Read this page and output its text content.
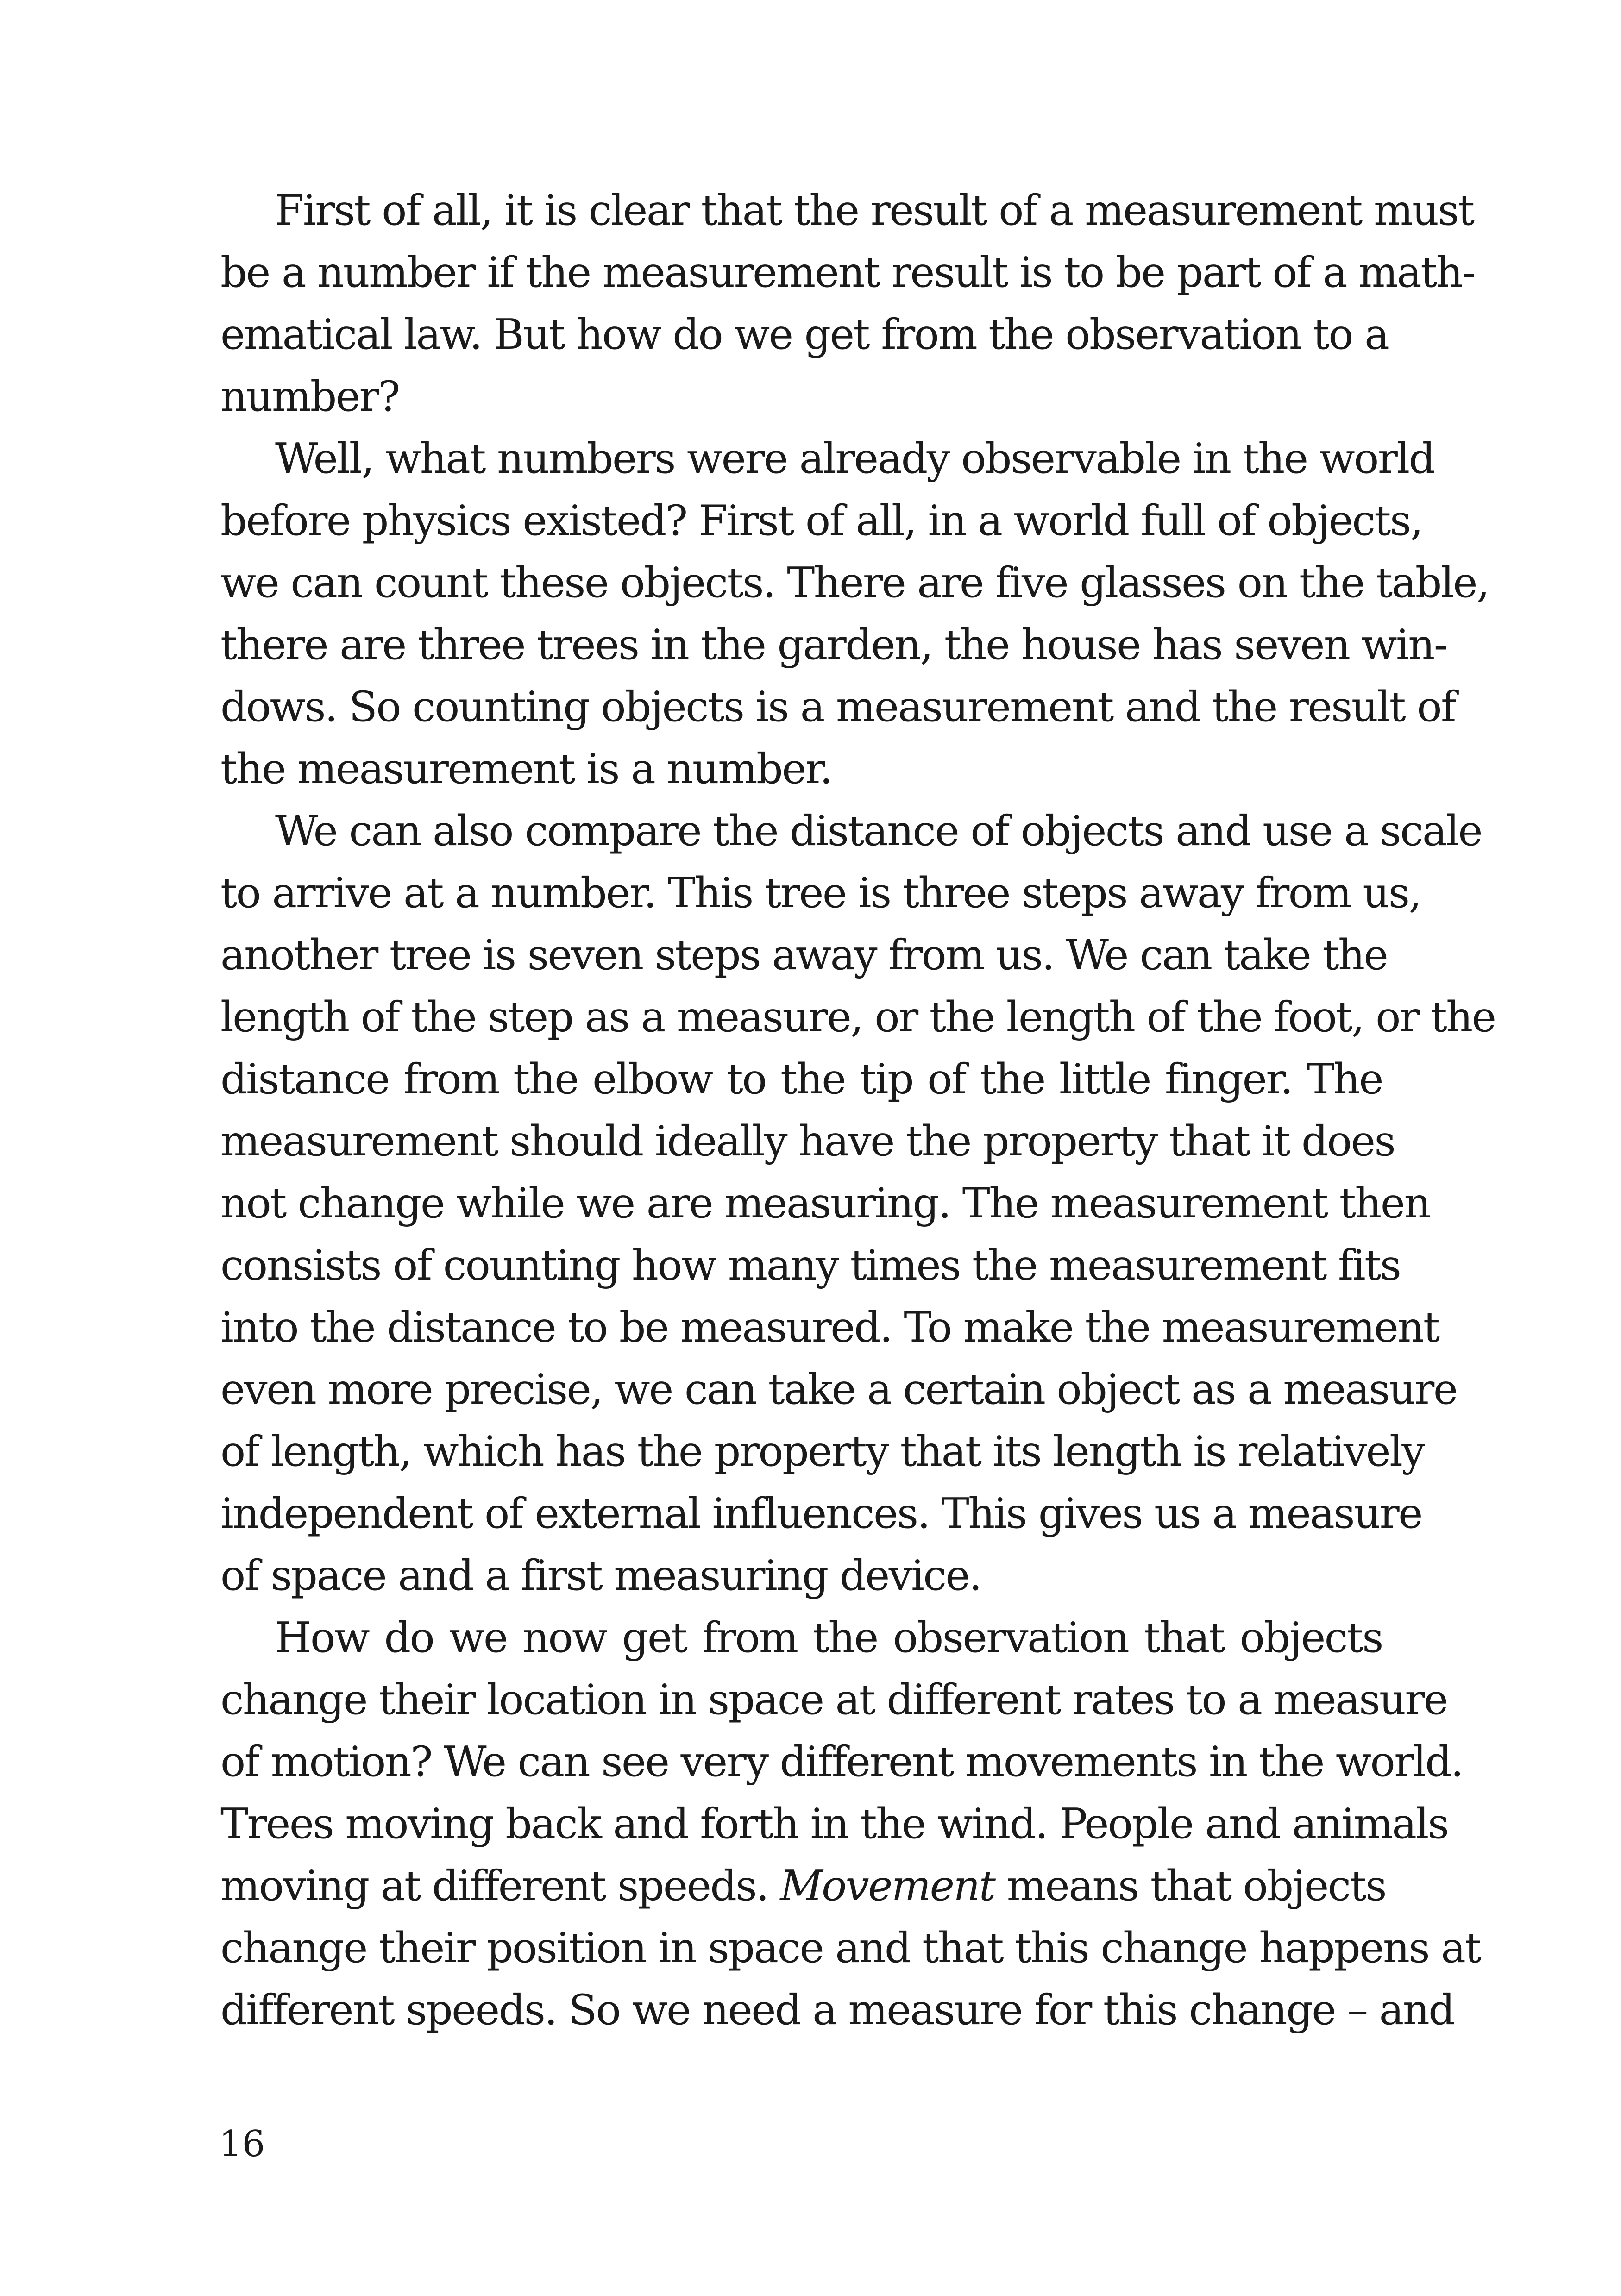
First of all, it is clear that the result of a measurement must
be a number if the measurement result is to be part of a math-
ematical law. But how do we get from the observation to a
number?
Well, what numbers were already observable in the world
before physics existed? First of all, in a world full of objects,
we can count these objects. There are five glasses on the table,
there are three trees in the garden, the house has seven win-
dows. So counting objects is a measurement and the result of
the measurement is a number.
We can also compare the distance of objects and use a scale
to arrive at a number. This tree is three steps away from us,
another tree is seven steps away from us. We can take the
length of the step as a measure, or the length of the foot, or the
distance from the elbow to the tip of the little finger. The
measurement should ideally have the property that it does
not change while we are measuring. The measurement then
consists of counting how many times the measurement fits
into the distance to be measured. To make the measurement
even more precise, we can take a certain object as a measure
of length, which has the property that its length is relatively
independent of external influences. This gives us a measure
of space and a first measuring device.
How do we now get from the observation that objects
change their location in space at different rates to a measure
of motion? We can see very different movements in the world.
Trees moving back and forth in the wind. People and animals
moving at different speeds. Movement means that objects
change their position in space and that this change happens at
different speeds. So we need a measure for this change – and
16
